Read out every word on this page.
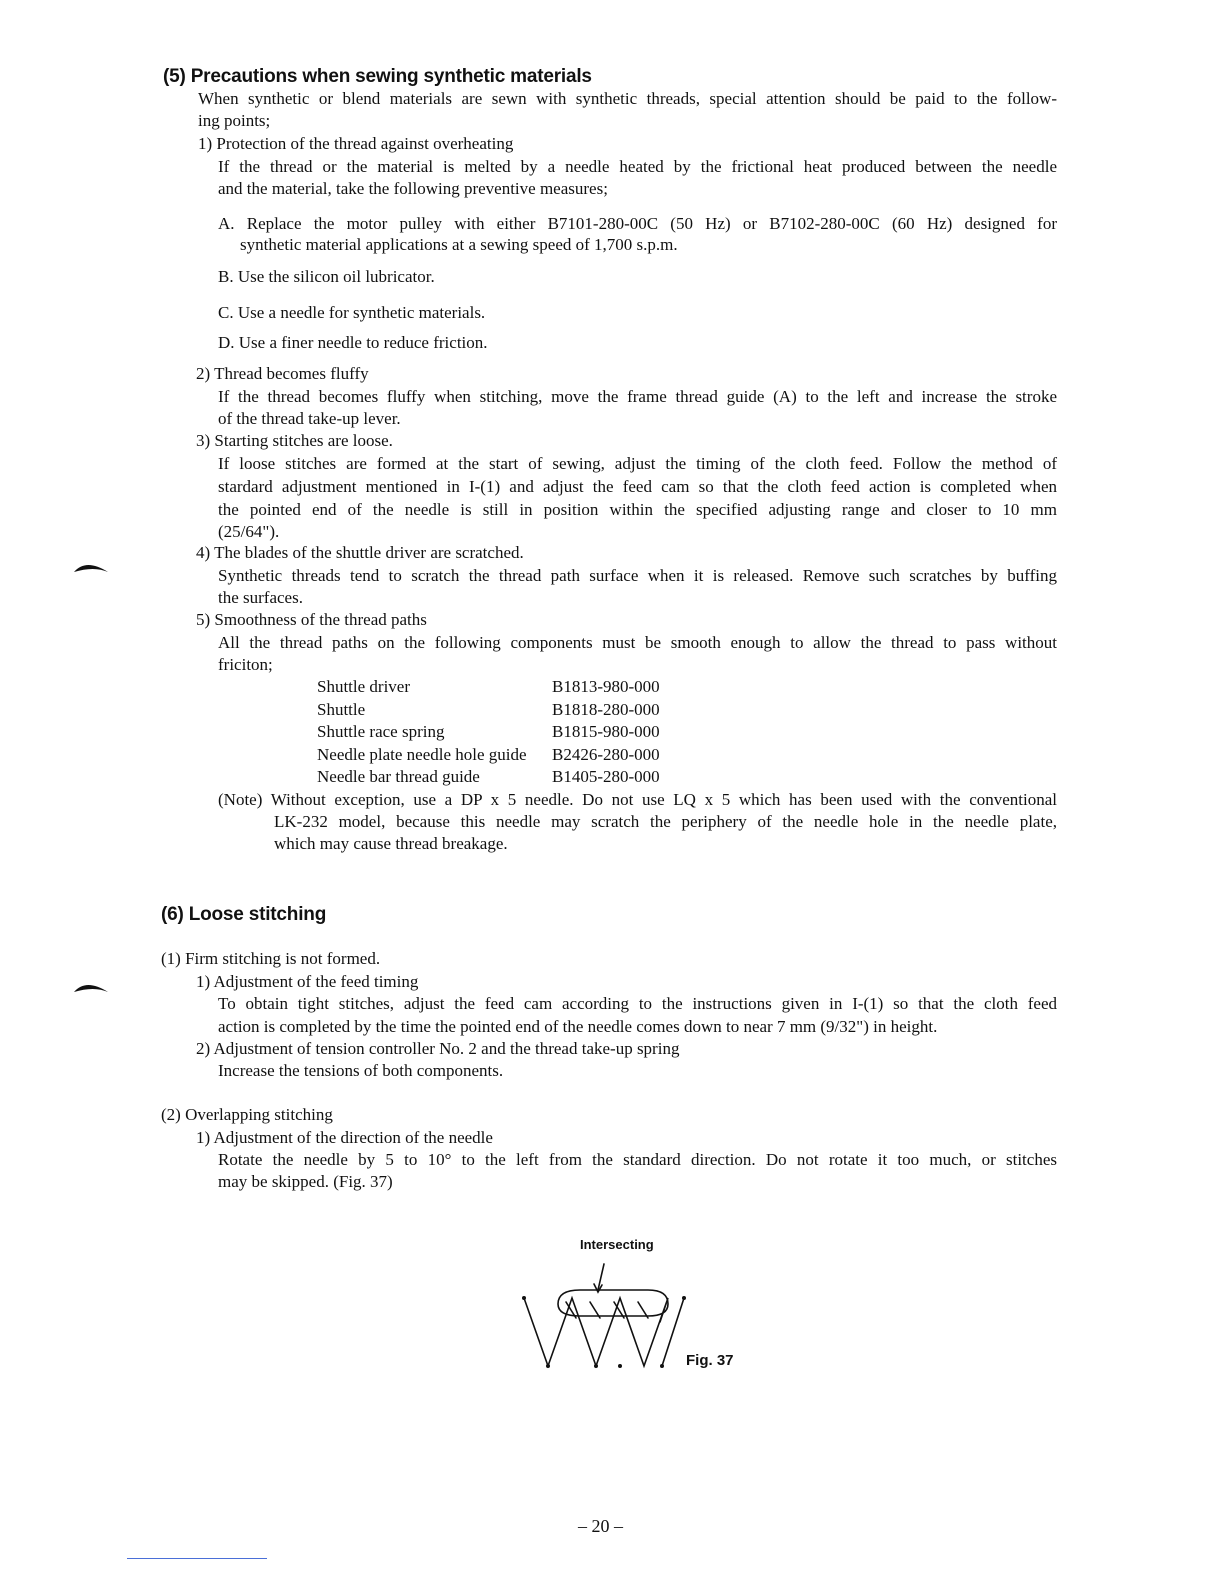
(5) Precautions when sewing synthetic materials
When synthetic or blend materials are sewn with synthetic threads, special attention should be paid to the follow-
ing points;
1) Protection of the thread against overheating
If the thread or the material is melted by a needle heated by the frictional heat produced between the needle
and the material, take the following preventive measures;
A. Replace the motor pulley with either B7101-280-00C (50 Hz) or B7102-280-00C (60 Hz) designed for
synthetic material applications at a sewing speed of 1,700 s.p.m.
B. Use the silicon oil lubricator.
C. Use a needle for synthetic materials.
D. Use a finer needle to reduce friction.
2) Thread becomes fluffy
If the thread becomes fluffy when stitching, move the frame thread guide (A) to the left and increase the stroke
of the thread take-up lever.
3) Starting stitches are loose.
If loose stitches are formed at the start of sewing, adjust the timing of the cloth feed. Follow the method of
stardard adjustment mentioned in I-(1) and adjust the feed cam so that the cloth feed action is completed when
the pointed end of the needle is still in position within the specified adjusting range and closer to 10 mm
(25/64").
4) The blades of the shuttle driver are scratched.
Synthetic threads tend to scratch the thread path surface when it is released. Remove such scratches by buffing
the surfaces.
5) Smoothness of the thread paths
All the thread paths on the following components must be smooth enough to allow the thread to pass without
friciton;
Shuttle driver	B1813-980-000
Shuttle	B1818-280-000
Shuttle race spring	B1815-980-000
Needle plate needle hole guide B2426-280-000
Needle bar thread guide	B1405-280-000
(Note) Without exception, use a DP x 5 needle. Do not use LQ x 5 which has been used with the conventional
LK-232 model, because this needle may scratch the periphery of the needle hole in the needle plate,
which may cause thread breakage.
(6) Loose stitching
(1) Firm stitching is not formed.
1) Adjustment of the feed timing
To obtain tight stitches, adjust the feed cam according to the instructions given in I-(1) so that the cloth feed
action is completed by the time the pointed end of the needle comes down to near 7 mm (9/32") in height.
2) Adjustment of tension controller No. 2 and the thread take-up spring
Increase the tensions of both components.
(2) Overlapping stitching
1) Adjustment of the direction of the needle
Rotate the needle by 5 to 10° to the left from the standard direction. Do not rotate it too much, or stitches
may be skipped. (Fig. 37)
Intersecting
Fig. 37
– 20 –
